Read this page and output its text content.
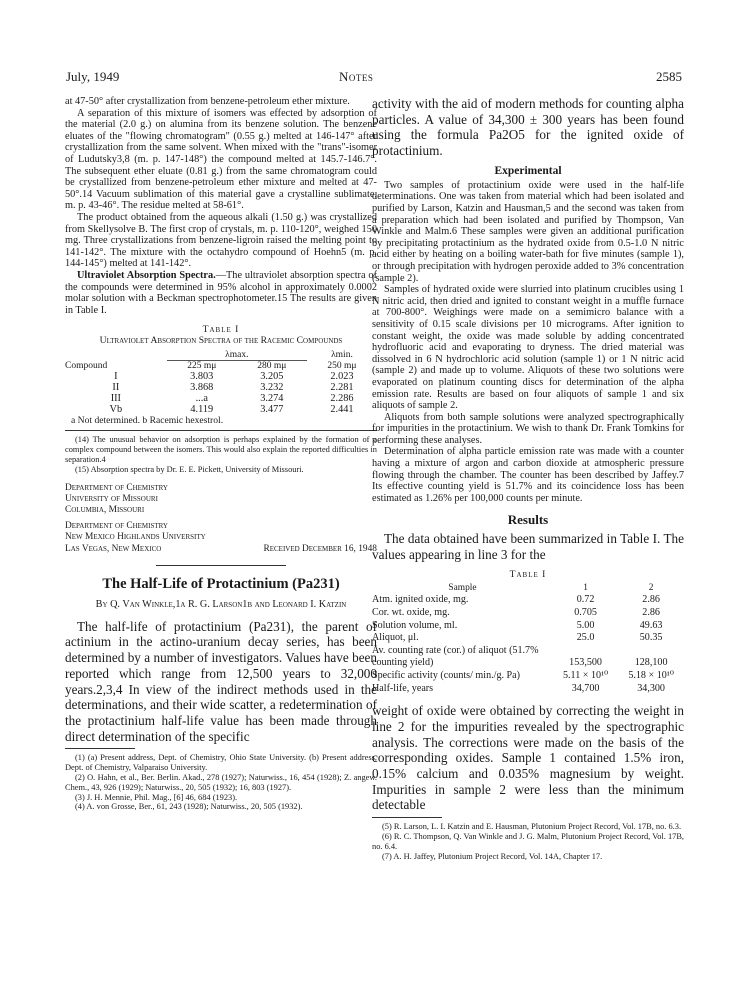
July, 1949	Notes	2585

at 47-50° after crystallization from benzene-petroleum ether mixture.

A separation of this mixture of isomers was effected by adsorption of the material (2.0 g.) on alumina from its benzene solution. The benzene eluates of the "flowing chromatogram" (0.55 g.) melted at 146-147° after crystallization from the same solvent. When mixed with the "trans"-isomer of Ludutsky3,8 (m. p. 147-148°) the compound melted at 145.7-146.7°. The subsequent ether eluate (0.81 g.) from the same chromatogram could be crystallized from benzene-petroleum ether mixture and melted at 47-50°.14 Vacuum sublimation of this material gave a crystalline sublimate, m. p. 43-46°. The residue melted at 58-61°.

The product obtained from the aqueous alkali (1.50 g.) was crystallized from Skellysolve B. The first crop of crystals, m. p. 110-120°, weighed 150 mg. Three crystallizations from benzene-ligroin raised the melting point to 141-142°. The mixture with the octahydro compound of Hoehn5 (m. p. 144-145°) melted at 141-142°.

Ultraviolet Absorption Spectra.—The ultraviolet absorption spectra of the compounds were determined in 95% alcohol in approximately 0.0002 molar solution with a Beckman spectrophotometer.15 The results are given in Table I.

Table I
Ultraviolet Absorption Spectra of the Racemic Compounds
	λmax.		λmin.
Compound	225 mμ	280 mμ	250 mμ
I	3.803	3.205	2.023
II	3.868	3.232	2.281
III	...a	3.274	2.286
Vb	4.119	3.477	2.441

a Not determined. b Racemic hexestrol.

(14) The unusual behavior on adsorption is perhaps explained by the formation of a complex compound between the isomers. This would also explain the reported difficulties in separation.4

(15) Absorption spectra by Dr. E. E. Pickett, University of Missouri.

Department of Chemistry
University of Missouri
Columbia, Missouri
Department of Chemistry
New Mexico Highlands University
Las Vegas, New Mexico	Received December 16, 1948
The Half-Life of Protactinium (Pa231)
By Q. Van Winkle,1a R. G. Larson1b and Leonard I. Katzin

The half-life of protactinium (Pa231), the parent of actinium in the actino-uranium decay series, has been determined by a number of investigators. Values have been reported which range from 12,500 years to 32,000 years.2,3,4 In view of the indirect methods used in the determinations, and their wide scatter, a redetermination of the protactinium half-life value has been made through direct determination of the specific

(1) (a) Present address, Dept. of Chemistry, Ohio State University. (b) Present address, Dept. of Chemistry, Valparaiso University.

(2) O. Hahn, et al., Ber. Berlin. Akad., 278 (1927); Naturwiss., 16, 454 (1928); Z. angew. Chem., 43, 926 (1929); Naturwiss., 20, 505 (1932); 16, 803 (1927).

(3) J. H. Mennie, Phil. Mag., [6] 46, 684 (1923).

(4) A. von Grosse, Ber., 61, 243 (1928); Naturwiss., 20, 505 (1932).

activity with the aid of modern methods for counting alpha particles. A value of 34,300 ± 300 years has been found using the formula Pa2O5 for the ignited oxide of protactinium.

Experimental

Two samples of protactinium oxide were used in the half-life determinations. One was taken from material which had been isolated and purified by Larson, Katzin and Hausman,5 and the second was taken from a preparation which had been isolated and purified by Thompson, Van Winkle and Malm.6 These samples were given an additional purification by precipitating protactinium as the hydrated oxide from 0.5-1.0 N nitric acid either by heating on a boiling water-bath for five minutes (sample 1), or through precipitation with hydrogen peroxide added to 3% concentration (sample 2).

Samples of hydrated oxide were slurried into platinum crucibles using 1 N nitric acid, then dried and ignited to constant weight in a muffle furnace at 700-800°. Weighings were made on a semimicro balance with a sensitivity of 0.15 scale divisions per 10 micrograms. After ignition to constant weight, the oxide was made soluble by adding concentrated hydrofluoric acid and evaporating to dryness. The dried material was dissolved in 6 N hydrochloric acid solution (sample 1) or 1 N nitric acid (sample 2) and made up to volume. Aliquots of these two solutions were evaporated on platinum counting discs for determination of the alpha emission rate. Results are based on four aliquots of sample 1 and six aliquots of sample 2.

Aliquots from both sample solutions were analyzed spectrographically for impurities in the protactinium. We wish to thank Dr. Frank Tomkins for performing these analyses.

Determination of alpha particle emission rate was made with a counter having a mixture of argon and carbon dioxide at atmospheric pressure flowing through the chamber. The counter has been described by Jaffey.7 Its effective counting yield is 51.7% and its coincidence loss has been estimated as 1.26% per 100,000 counts per minute.

Results

The data obtained have been summarized in Table I. The values appearing in line 3 for the

Table I
Sample	1	2
Atm. ignited oxide, mg.	0.72	2.86
Cor. wt. oxide, mg.	0.705	2.86
Solution volume, ml.	5.00	49.63
Aliquot, μl.	25.0	50.35
Av. counting rate (cor.) of aliquot (51.7% counting yield)	153,500	128,100
Specific activity (counts/ min./g. Pa)	5.11 × 10¹⁰	5.18 × 10¹⁰
Half-life, years	34,700	34,300

weight of oxide were obtained by correcting the weight in line 2 for the impurities revealed by the spectrographic analysis. The corrections were made on the basis of the corresponding oxides. Sample 1 contained 1.5% iron, 0.15% calcium and 0.035% magnesium by weight. Impurities in sample 2 were less than the minimum detectable

(5) R. Larson, L. I. Katzin and E. Hausman, Plutonium Project Record, Vol. 17B, no. 6.3.

(6) R. C. Thompson, Q. Van Winkle and J. G. Malm, Plutonium Project Record, Vol. 17B, no. 6.4.

(7) A. H. Jaffey, Plutonium Project Record, Vol. 14A, Chapter 17.
